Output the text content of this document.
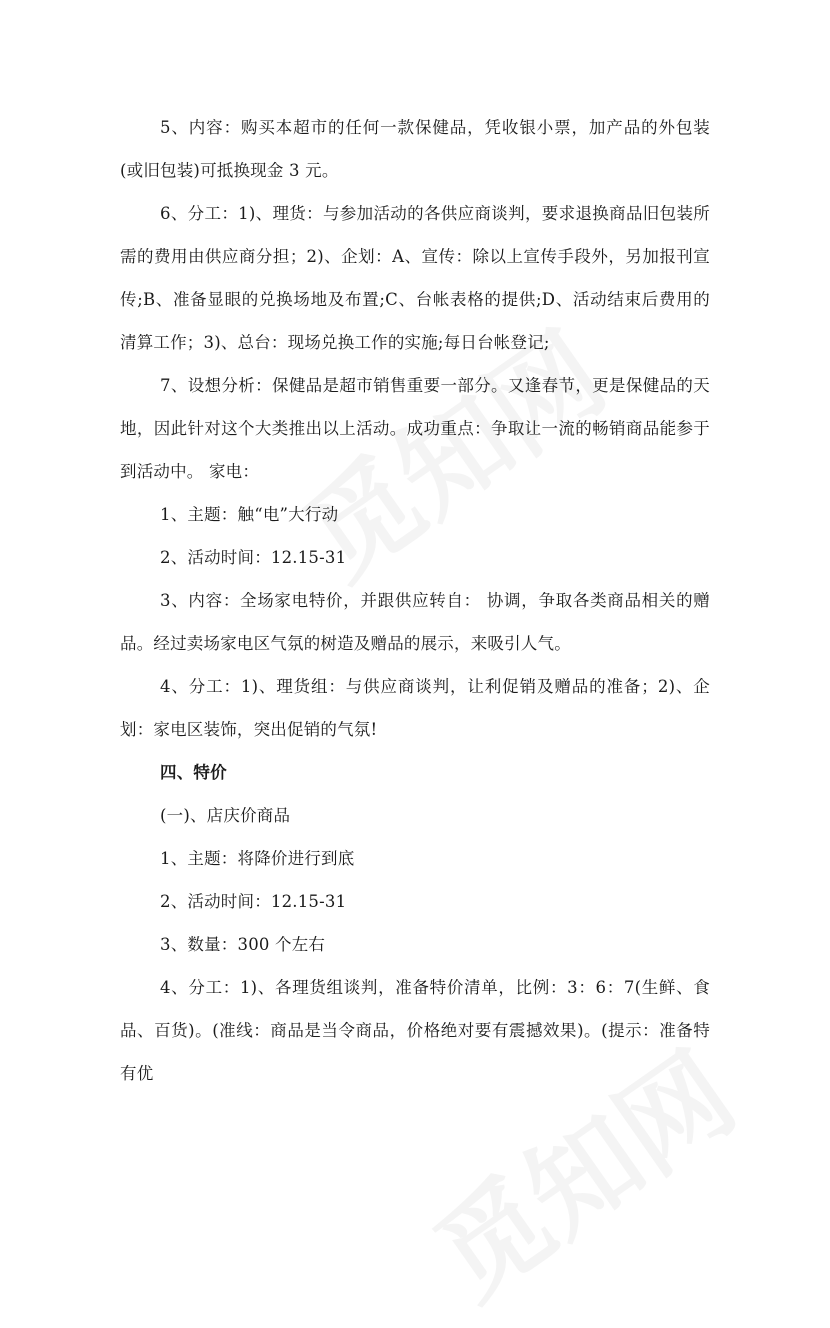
5、内容：购买本超市的任何一款保健品，凭收银小票，加产品的外包装(或旧包装)可抵换现金 3 元。

6、分工：1)、理货：与参加活动的各供应商谈判，要求退换商品旧包装所需的费用由供应商分担；2)、企划：A、宣传：除以上宣传手段外，另加报刊宣传;B、准备显眼的兑换场地及布置;C、台帐表格的提供;D、活动结束后费用的清算工作；3)、总台：现场兑换工作的实施;每日台帐登记;

7、设想分析：保健品是超市销售重要一部分。又逢春节，更是保健品的天地，因此针对这个大类推出以上活动。成功重点：争取让一流的畅销商品能参于到活动中。 家电：

1、主题：触“电”大行动

2、活动时间：12.15-31

3、内容：全场家电特价，并跟供应转自： 协调，争取各类商品相关的赠品。经过卖场家电区气氛的树造及赠品的展示，来吸引人气。

4、分工：1)、理货组：与供应商谈判，让利促销及赠品的准备；2)、企划：家电区装饰，突出促销的气氛!

四、特价

(一)、店庆价商品

1、主题：将降价进行到底

2、活动时间：12.15-31

3、数量：300 个左右

4、分工：1)、各理货组谈判，准备特价清单，比例：3：6：7(生鲜、食品、百货)。(准线：商品是当令商品，价格绝对要有震撼效果)。(提示：准备特有优
